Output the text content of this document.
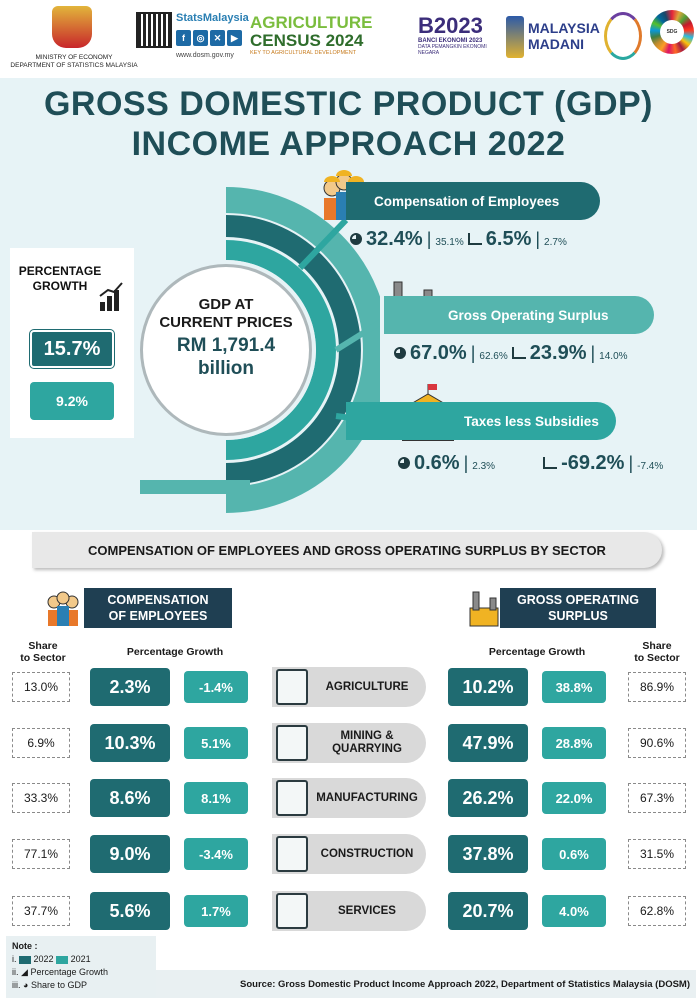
MINISTRY OF ECONOMY
DEPARTMENT OF STATISTICS MALAYSIA
StatsMalaysia
f	◎	✕	▶
www.dosm.gov.my
AGRICULTURE
CENSUS 2024
KEY TO AGRICULTURAL DEVELOPMENT
B2023
BANCI EKONOMI 2023
DATA PEMANGKIN EKONOMI NEGARA
MALAYSIA
MADANI
SDG
GROSS DOMESTIC PRODUCT (GDP)
INCOME APPROACH 2022
PERCENTAGE
GROWTH
15.7%
9.2%
GDP AT
CURRENT PRICES
RM 1,791.4
billion
Compensation of Employees
32.4% | 35.1% 6.5% | 2.7%
Gross Operating Surplus
67.0% | 62.6% 23.9% | 14.0%
Taxes less Subsidies
0.6% | 2.3%	-69.2% | -7.4%
COMPENSATION OF EMPLOYEES AND GROSS OPERATING SURPLUS BY SECTOR
COMPENSATION
OF EMPLOYEES
GROSS OPERATING
SURPLUS
Share
to Sector	Percentage Growth	Percentage Growth	Share
to Sector
13.0%	2.3%	-1.4%	AGRICULTURE	10.2%	38.8%	86.9%
6.9%	10.3%	5.1%	MINING &
QUARRYING	47.9%	28.8%	90.6%
33.3%	8.6%	8.1%	MANUFACTURING	26.2%	22.0%	67.3%
77.1%	9.0%	-3.4%	CONSTRUCTION	37.8%	0.6%	31.5%
37.7%	5.6%	1.7%	SERVICES	20.7%	4.0%	62.8%
Note :
i. 2022 2021
ii. ◢ Percentage Growth
iii. ◕ Share to GDP	Source: Gross Domestic Product Income Approach 2022, Department of Statistics Malaysia (DOSM)
